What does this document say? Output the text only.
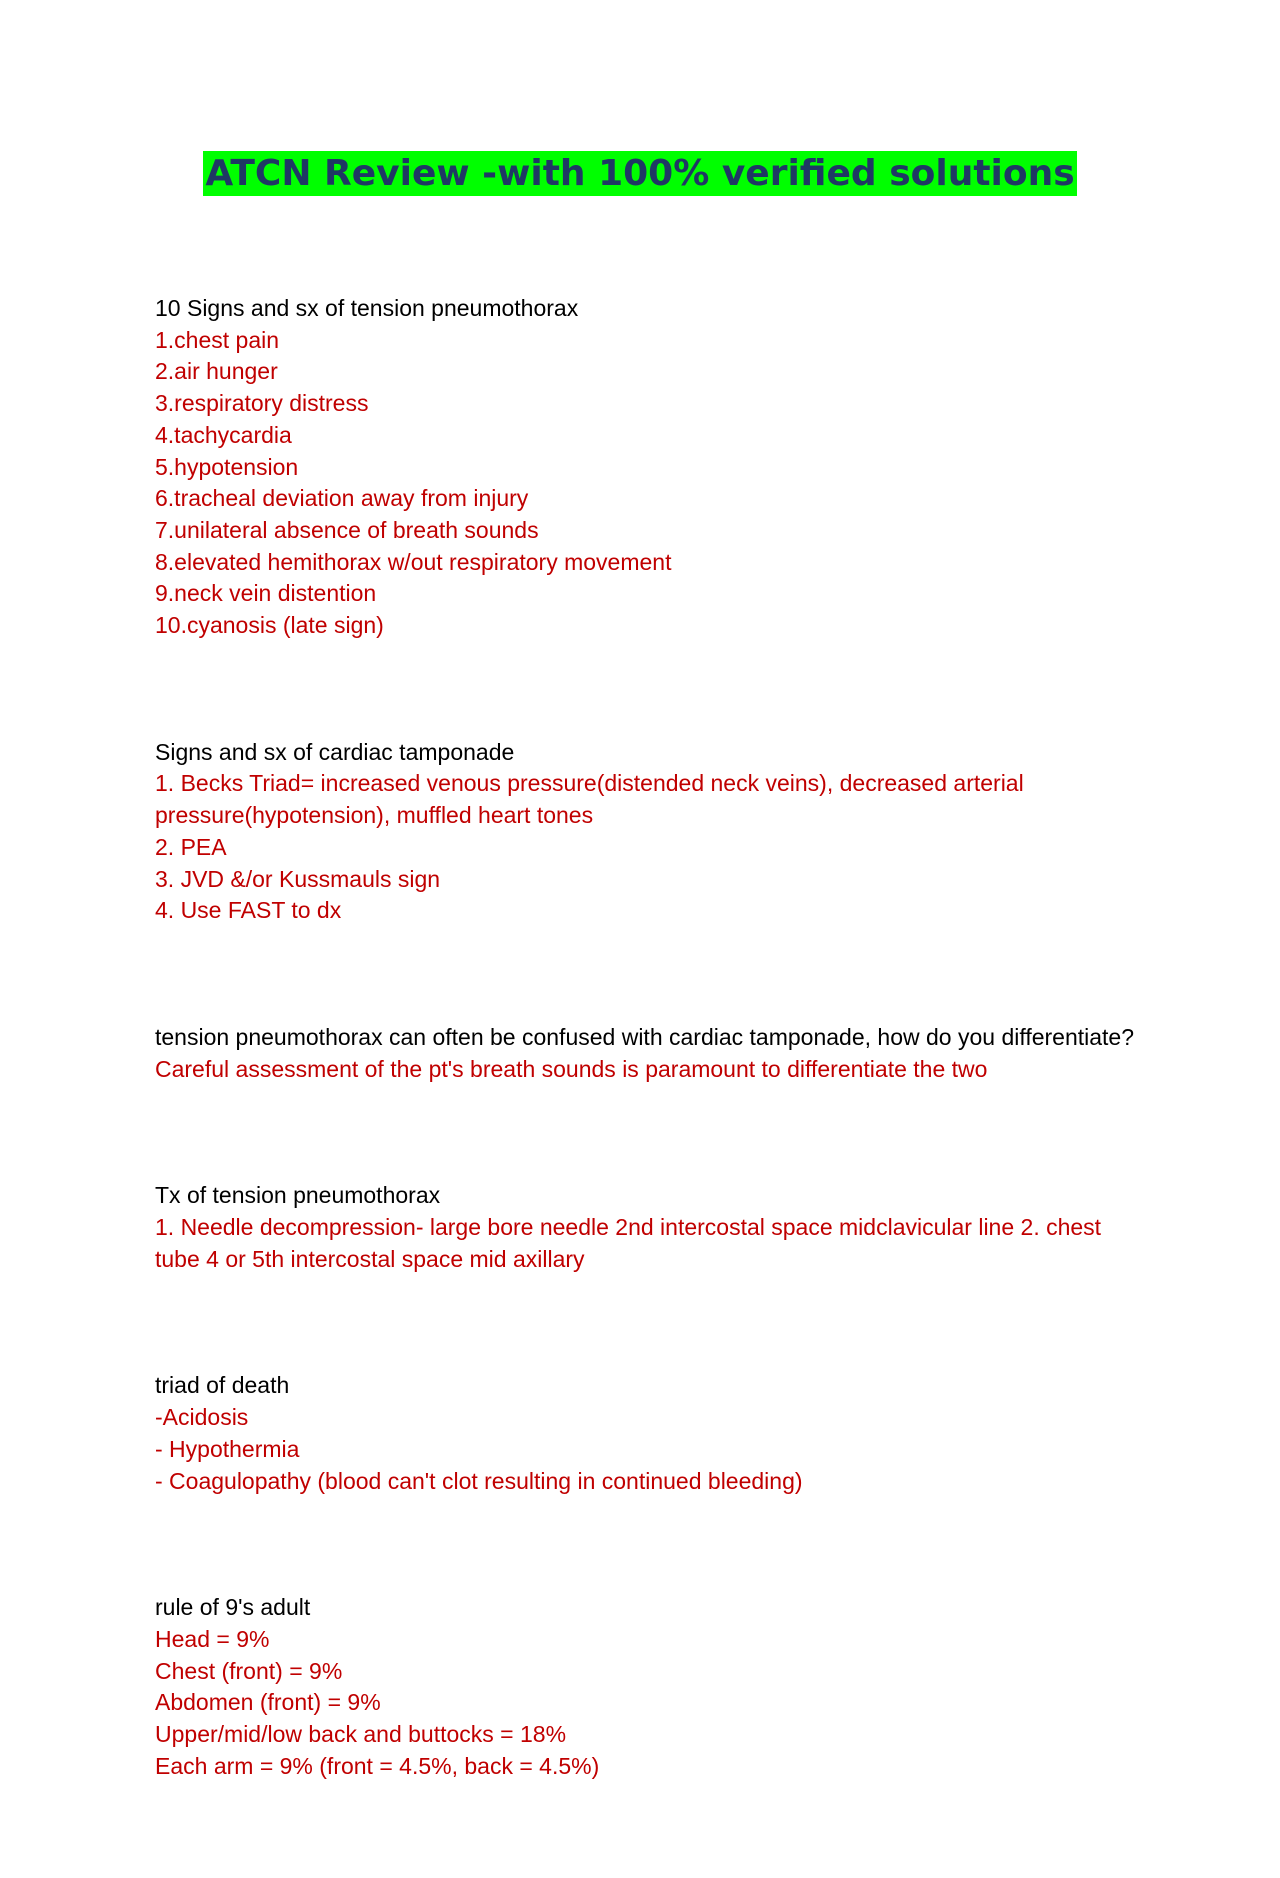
ATCN Review -with 100% verified solutions

10 Signs and sx of tension pneumothorax

1.chest pain

2.air hunger

3.respiratory distress

4.tachycardia

5.hypotension

6.tracheal deviation away from injury

7.unilateral absence of breath sounds

8.elevated hemithorax w/out respiratory movement

9.neck vein distention

10.cyanosis (late sign)

Signs and sx of cardiac tamponade

1. Becks Triad= increased venous pressure(distended neck veins), decreased arterial pressure(hypotension), muffled heart tones

2. PEA

3. JVD &/or Kussmauls sign

4. Use FAST to dx

tension pneumothorax can often be confused with cardiac tamponade, how do you differentiate?

Careful assessment of the pt's breath sounds is paramount to differentiate the two

Tx of tension pneumothorax

1. Needle decompression- large bore needle 2nd intercostal space midclavicular line 2. chest tube 4 or 5th intercostal space mid axillary

triad of death

-Acidosis

- Hypothermia

- Coagulopathy (blood can't clot resulting in continued bleeding)

rule of 9's adult

Head = 9%

Chest (front) = 9%

Abdomen (front) = 9%

Upper/mid/low back and buttocks = 18%

Each arm = 9% (front = 4.5%, back = 4.5%)
